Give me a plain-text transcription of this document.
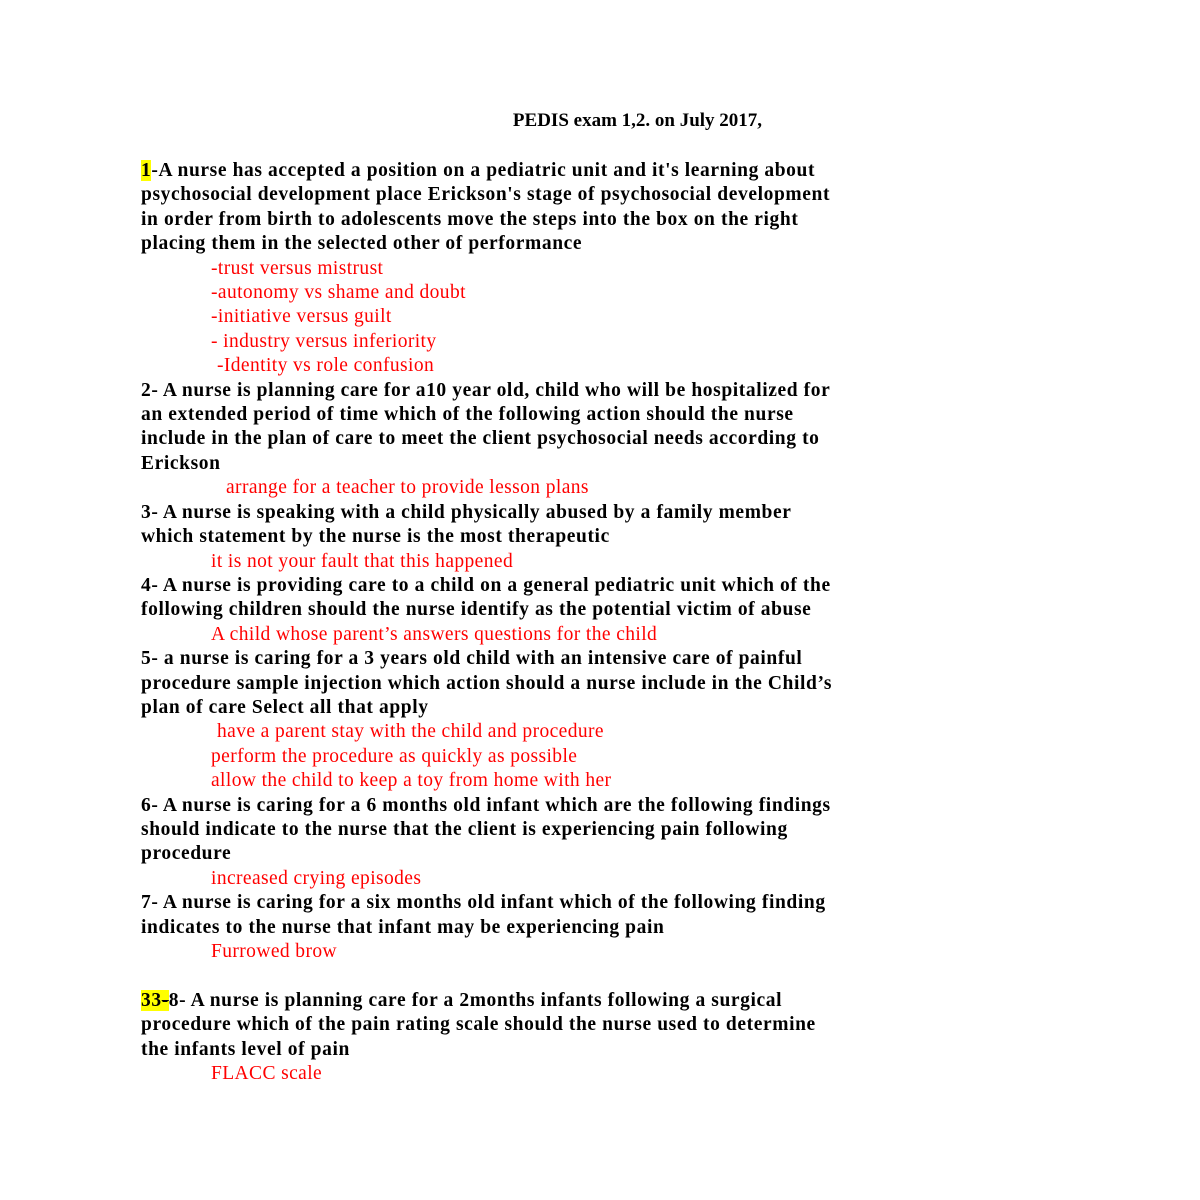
PEDIS exam 1,2. on July 2017,
1-A nurse has accepted a position on a pediatric unit and it's learning about
psychosocial development place Erickson's stage of psychosocial development
in order from birth to adolescents move the steps into the box on the right
placing them in the selected other of performance
-trust versus mistrust
-autonomy vs shame and doubt
-initiative versus guilt
- industry versus inferiority
-Identity vs role confusion
2- A nurse is planning care for a10 year old, child who will be hospitalized for
an extended period of time which of the following action should the nurse
include in the plan of care to meet the client psychosocial needs according to
Erickson
arrange for a teacher to provide lesson plans
3- A nurse is speaking with a child physically abused by a family member
which statement by the nurse is the most therapeutic
it is not your fault that this happened
4- A nurse is providing care to a child on a general pediatric unit which of the
following children should the nurse identify as the potential victim of abuse
A child whose parent’s answers questions for the child
5- a nurse is caring for a 3 years old child with an intensive care of painful
procedure sample injection which action should a nurse include in the Child’s
plan of care Select all that apply
have a parent stay with the child and procedure
perform the procedure as quickly as possible
allow the child to keep a toy from home with her
6- A nurse is caring for a 6 months old infant which are the following findings
should indicate to the nurse that the client is experiencing pain following
procedure
increased crying episodes
7- A nurse is caring for a six months old infant which of the following finding
indicates to the nurse that infant may be experiencing pain
Furrowed brow
33-8- A nurse is planning care for a 2months infants following a surgical
procedure which of the pain rating scale should the nurse used to determine
the infants level of pain
FLACC scale
